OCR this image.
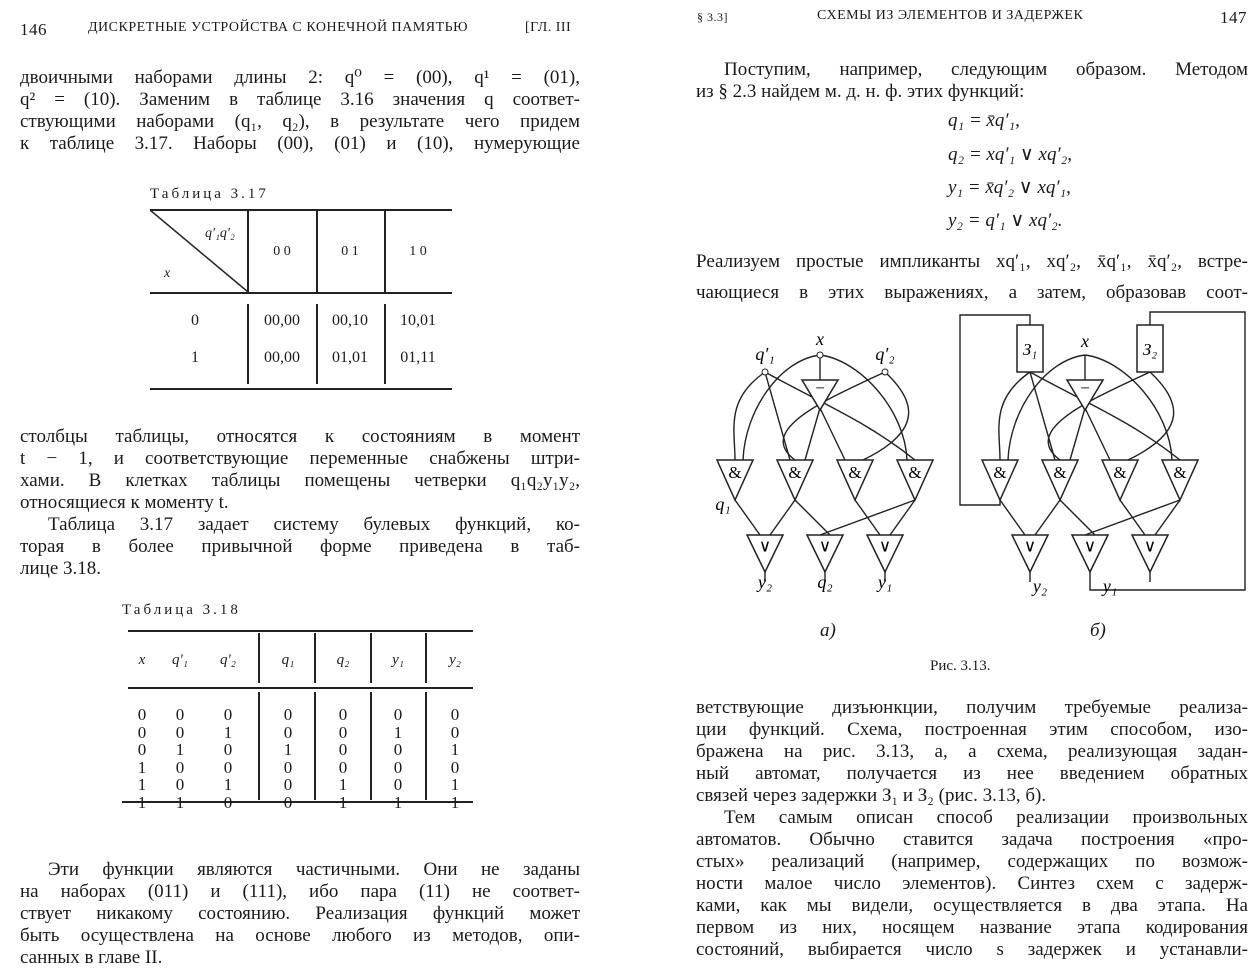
146	ДИСКРЕТНЫЕ УСТРОЙСТВА С КОНЕЧНОЙ ПАМЯТЬЮ	[ГЛ. III
двоичными наборами длины 2: q⁰ = (00), q¹ = (01),
q² = (10). Заменим в таблице 3.16 значения q соответ-
ствующими наборами (q₁, q₂), в результате чего придем
к таблице 3.17. Наборы (00), (01) и (10), нумерующие
Таблица 3.17
q′₁q′₂
x
0 0	0 1	1 0
0	00,00	00,10	10,01
1	00,00	01,01	01,11
столбцы таблицы, относятся к состояниям в момент
t − 1, и соответствующие переменные снабжены штри-
хами. В клетках таблицы помещены четверки q₁q₂y₁y₂,
относящиеся к моменту t.
Таблица 3.17 задает систему булевых функций, ко-
торая в более привычной форме приведена в таб-
лице 3.18.
Таблица 3.18
x	q′₁	q′₂	q₁	q₂	y₁	y₂
0	0	0	0	0	0	0
0	0	1	0	0	1	0
0	1	0	1	0	0	1
1	0	0	0	0	0	0
1	0	1	0	1	0	1
1	1	0	0	1	1	1
Эти функции являются частичными. Они не заданы
на наборах (011) и (111), ибо пара (11) не соответ-
ствует никакому состоянию. Реализация функций может
быть осуществлена на основе любого из методов, опи-
санных в главе II.
§ 3.3]	СХЕМЫ ИЗ ЭЛЕМЕНТОВ И ЗАДЕРЖЕК	147
Поступим, например, следующим образом. Методом
из § 2.3 найдем м. д. н. ф. этих функций:
q₁ = x̄q′₁,
q₂ = xq′₁ ∨ xq′₂,
y₁ = x̄q′₂ ∨ xq′₁,
y₂ = q′₁ ∨ xq′₂.
Реализуем простые импликанты xq′₁, xq′₂, x̄q′₁, x̄q′₂, встре-
чающиеся в этих выражениях, а затем, образовав соот-
q′₁
x
q′₂
q₁
y₂	q₂	y₁
−
&	&	&	&
∨	∨	∨
З₁	З₂
x
y₂	y₁
−
&	&	&	&
∨	∨	∨
а)	б)
Рис. 3.13.
ветствующие дизъюнкции, получим требуемые реализа-
ции функций. Схема, построенная этим способом, изо-
бражена на рис. 3.13, а, а схема, реализующая задан-
ный автомат, получается из нее введением обратных
связей через задержки З₁ и З₂ (рис. 3.13, б).
Тем самым описан способ реализации произвольных
автоматов. Обычно ставится задача построения «про-
стых» реализаций (например, содержащих по возмож-
ности малое число элементов). Синтез схем с задерж-
ками, как мы видели, осуществляется в два этапа. На
первом из них, носящем название этапа кодирования
состояний, выбирается число s задержек и устанавли-
